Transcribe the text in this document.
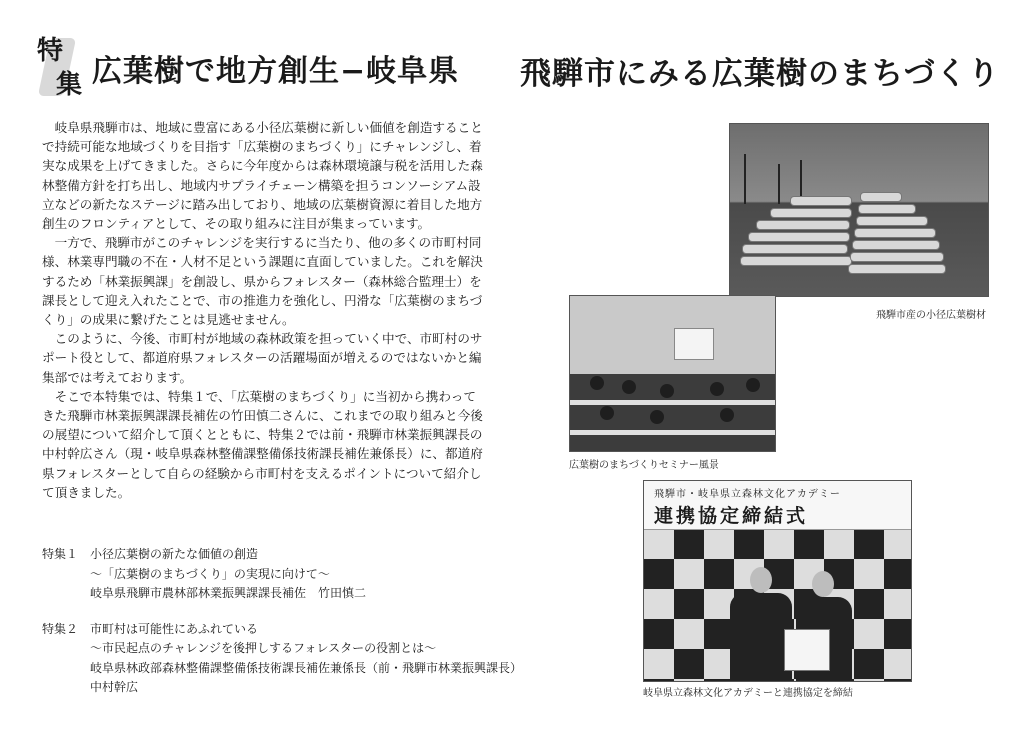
特
集 広葉樹で地方創生−岐阜県 飛騨市にみる広葉樹のまちづくり

岐阜県飛騨市は、地域に豊富にある小径広葉樹に新しい価値を創造することで持続可能な地域づくりを目指す「広葉樹のまちづくり」にチャレンジし、着実な成果を上げてきました。さらに今年度からは森林環境譲与税を活用した森林整備方針を打ち出し、地域内サプライチェーン構築を担うコンソーシアム設立などの新たなステージに踏み出しており、地域の広葉樹資源に着目した地方創生のフロンティアとして、その取り組みに注目が集まっています。

一方で、飛騨市がこのチャレンジを実行するに当たり、他の多くの市町村同様、林業専門職の不在・人材不足という課題に直面していました。これを解決するため「林業振興課」を創設し、県からフォレスター（森林総合監理士）を課長として迎え入れたことで、市の推進力を強化し、円滑な「広葉樹のまちづくり」の成果に繋げたことは見逃せません。

このように、今後、市町村が地域の森林政策を担っていく中で、市町村のサポート役として、都道府県フォレスターの活躍場面が増えるのではないかと編集部では考えております。

そこで本特集では、特集１で、「広葉樹のまちづくり」に当初から携わってきた飛騨市林業振興課課長補佐の竹田慎二さんに、これまでの取り組みと今後の展望について紹介して頂くとともに、特集２では前・飛騨市林業振興課長の中村幹広さん（現・岐阜県森林整備課整備係技術課長補佐兼係長）に、都道府県フォレスターとして自らの経験から市町村を支えるポイントについて紹介して頂きました。

特集１ 小径広葉樹の新たな価値の創造
〜「広葉樹のまちづくり」の実現に向けて〜
岐阜県飛騨市農林部林業振興課課長補佐　竹田慎二
特集２ 市町村は可能性にあふれている
〜市民起点のチャレンジを後押しするフォレスターの役割とは〜
岐阜県林政部森林整備課整備係技術課長補佐兼係長（前・飛騨市林業振興課長）
中村幹広
飛騨市産の小径広葉樹材
広葉樹のまちづくりセミナー風景
飛騨市・岐阜県立森林文化アカデミー
連携協定締結式
岐阜県立森林文化アカデミーと連携協定を締結
